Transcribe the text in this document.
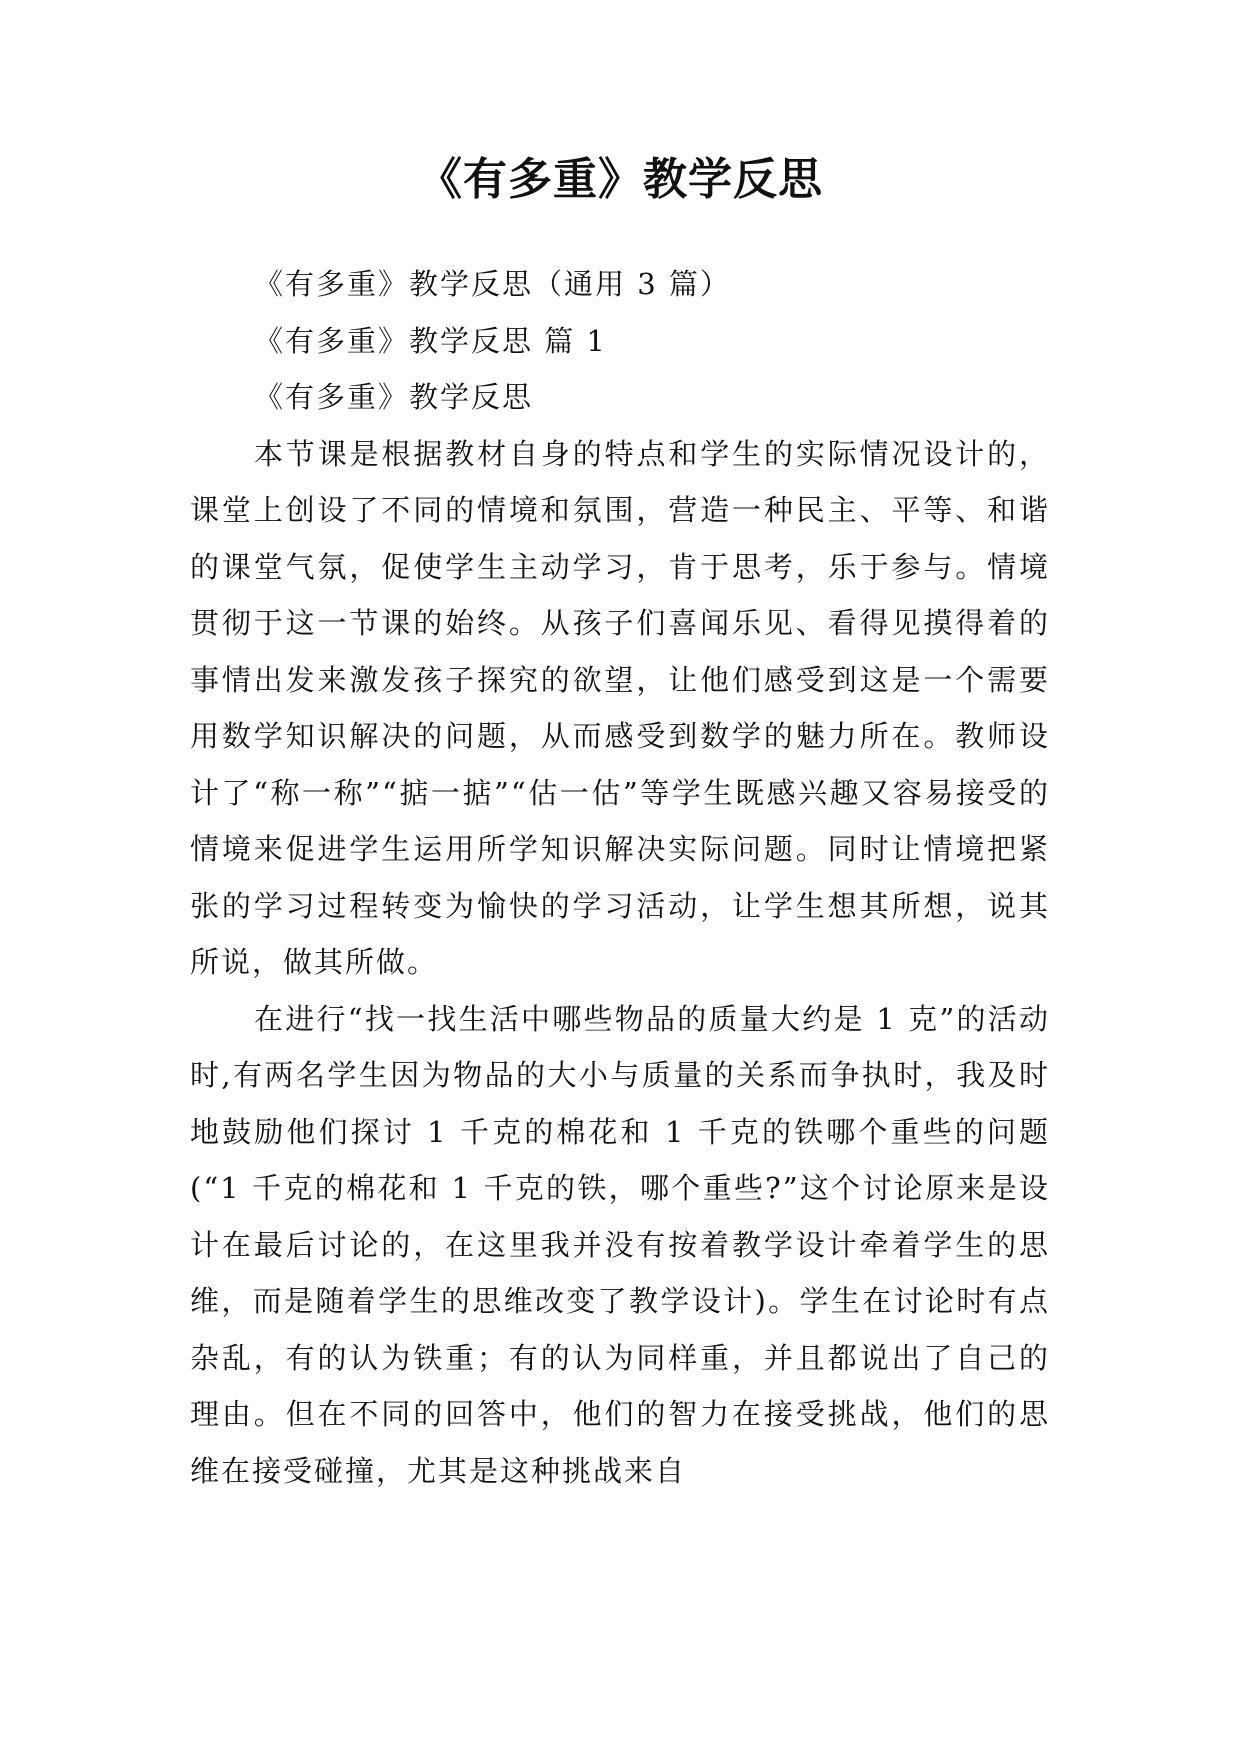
《有多重》教学反思

《有多重》教学反思（通用 3 篇）

《有多重》教学反思 篇 1

《有多重》教学反思

本节课是根据教材自身的特点和学生的实际情况设计的，课堂上创设了不同的情境和氛围，营造一种民主、平等、和谐的课堂气氛，促使学生主动学习，肯于思考，乐于参与。情境贯彻于这一节课的始终。从孩子们喜闻乐见、看得见摸得着的事情出发来激发孩子探究的欲望，让他们感受到这是一个需要用数学知识解决的问题，从而感受到数学的魅力所在。教师设计了“称一称”“掂一掂”“估一估”等学生既感兴趣又容易接受的情境来促进学生运用所学知识解决实际问题。同时让情境把紧张的学习过程转变为愉快的学习活动，让学生想其所想，说其所说，做其所做。

在进行“找一找生活中哪些物品的质量大约是 1 克”的活动时,有两名学生因为物品的大小与质量的关系而争执时，我及时地鼓励他们探讨 1 千克的棉花和 1 千克的铁哪个重些的问题(“1 千克的棉花和 1 千克的铁，哪个重些?”这个讨论原来是设计在最后讨论的，在这里我并没有按着教学设计牵着学生的思维，而是随着学生的思维改变了教学设计)。学生在讨论时有点杂乱，有的认为铁重；有的认为同样重，并且都说出了自己的理由。但在不同的回答中，他们的智力在接受挑战，他们的思维在接受碰撞，尤其是这种挑战来自
